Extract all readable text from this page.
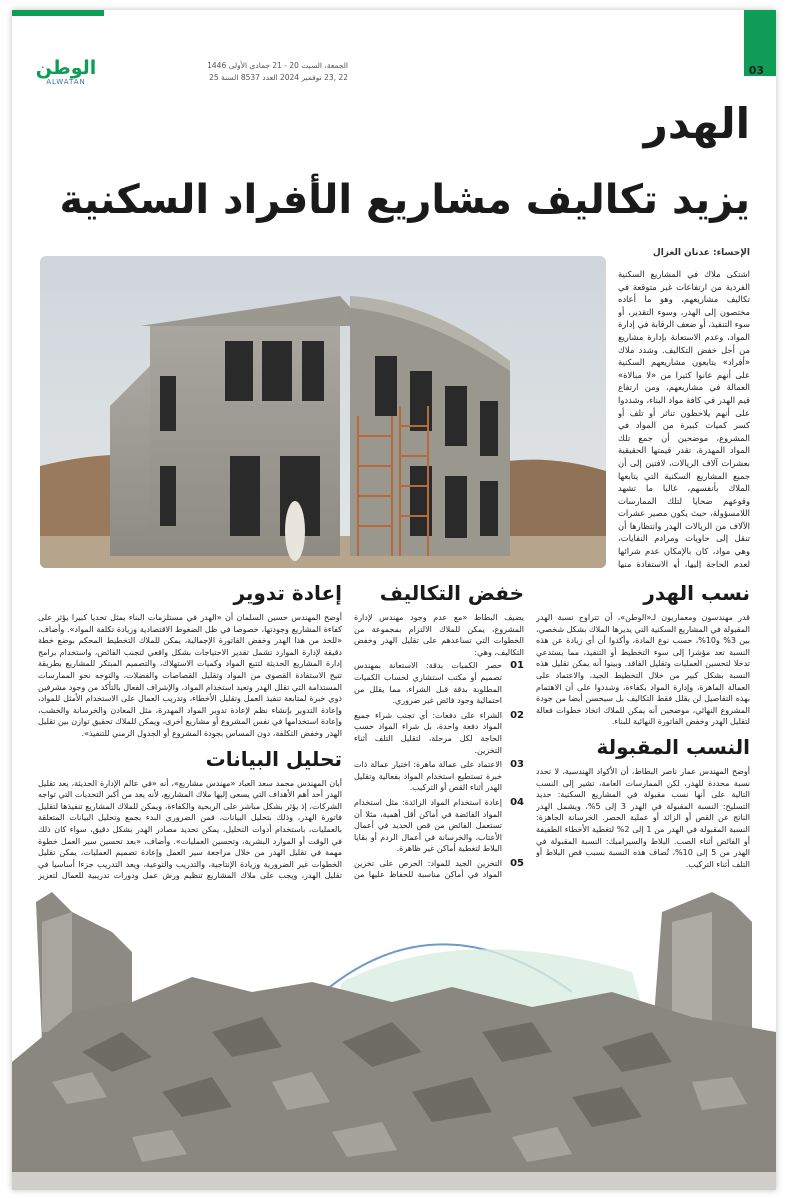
الوطن
ALWATAN
الجمعة، السبت 20 - 21 جمادى الأولى 1446
22 ,23 نوفمبر 2024 العدد 8537 السنة 25
03
الهدر
يزيد تكاليف مشاريع الأفراد السكنية
الإحساء: عدنان الغزال
اشتكى ملاك في المشاريع السكنية الفردية من ارتفاعات غير متوقعة في تكاليف مشاريعهم، وهو ما أعاده مختصون إلى الهدر، وسوء التقدير، أو سوء التنفيذ، أو ضعف الرقابة في إدارة المواد، وعدم الاستعانة بإدارة مشاريع من أجل خفض التكاليف. وشدد ملاك «أفراد» يتابعون مشاريعهم السكنية على أنهم عانوا كثيرا من «لا مبالاة» العمالة في مشاريعهم، ومن ارتفاع قيم الهدر في كافة مواد البناء، وشددوا على أنهم يلاحظون تناثر أو تلف أو كسر كميات كبيرة من المواد في المشروع، موضحين أن جمع تلك المواد المهدرة، تقدر قيمتها الحقيقية بعشرات آلاف الريالات، لافتين إلى أن جميع المشاريع السكنية التي يتابعها الملاك بأنفسهم، غالبا ما تشهد وقوعهم ضحايا لتلك الممارسات اللامسؤولة، حيث يكون مصير عشرات الآلاف من الريالات الهدر وانتظارها أن تنقل إلى حاويات ومرادم النفايات، وهي مواد، كان بالإمكان عدم شرائها لعدم الحاجة إليها، أو الاستفادة منها
نسب الهدر

قدر مهندسون ومعماريون لـ«الوطن»، أن تتراوح نسبة الهدر المقبولة في المشاريع السكنية التي يديرها الملاك بشكل شخصي، بين 3% و10%، حسب نوع المادة، وأكدوا أن أي زيادة عن هذه النسبة تعد مؤشرا إلى سوء التخطيط أو التنفيذ، مما يستدعي تدخلا لتحسين العمليات وتقليل الفاقد. وبينوا أنه يمكن تقليل هذه النسبة بشكل كبير من خلال التخطيط الجيد، والاعتماد على العمالة الماهرة، وإدارة المواد بكفاءة، وشددوا على أن الاهتمام بهذه التفاصيل لن يقلل فقط التكاليف بل سيحسن أيضا من جودة المشروع النهائي، موضحين أنه يمكن للملاك اتخاذ خطوات فعالة لتقليل الهدر وخفض الفاتورة النهائية للبناء.

النسب المقبولة

أوضح المهندس عمار ناصر البطاط، أن الأكواد الهندسية، لا تحدد نسبة محددة للهدر، لكن الممارسات العامة، تشير إلى النسب التالية على أنها نسب مقبولة في المشاريع السكنية: حديد التسليح: النسبة المقبولة في الهدر 3 إلى 5%، ويشمل الهدر الناتج عن القص أو الزائد أو عملية الحصر. الخرسانة الجاهزة: النسبة المقبولة في الهدر من 1 إلى 2% لتغطية الأخطاء الطفيفة أو الفائض أثناء الصب. البلاط والسيراميك: النسبة المقبولة في الهدر من 5 إلى 10%، تُضاف هذه النسبة بسبب قص البلاط أو التلف أثناء التركيب.

خفض التكاليف

يضيف البطاط «مع عدم وجود مهندس لإدارة المشروع، يمكن للملاك الالتزام بمجموعة من الخطوات التي تساعدهم على تقليل الهدر وخفض التكاليف، وهي:

01
حصر الكميات بدقة: الاستعانة بمهندس تصميم أو مكتب استشاري لحساب الكميات المطلوبة بدقة قبل الشراء، مما يقلل من احتمالية وجود فائض غير ضروري.
02
الشراء على دفعات: أي تجنب شراء جميع المواد دفعة واحدة، بل شراء المواد حسب الحاجة لكل مرحلة، لتقليل التلف أثناء التخزين.
03
الاعتماد على عمالة ماهرة: اختيار عمالة ذات خبرة تستطيع استخدام المواد بفعالية وتقليل الهدر أثناء القص أو التركيب.
04
إعادة استخدام المواد الزائدة: مثل استخدام المواد الفائضة في أماكن أقل أهمية، مثلا أن تستعمل الفائض من قص الحديد في أعمال الأعتاب، والخرسانة في أعمال الردم أو بقايا البلاط لتغطية أماكن غير ظاهرة.
05
التخزين الجيد للمواد: الحرص على تخزين المواد في أماكن مناسبة للحفاظ عليها من
إعادة تدوير

أوضح المهندس حسين السلمان أن «الهدر في مستلزمات البناء يمثل تحديا كبيرا يؤثر على كفاءة المشاريع وجودتها، خصوصا في ظل الضغوط الاقتصادية وزيادة تكلفة المواد». وأضاف، «للحد من هذا الهدر وخفض الفاتورة الإجمالية، يمكن للملاك التخطيط المحكم بوضع خطة دقيقة لإدارة الموارد تشمل تقدير الاحتياجات بشكل واقعي لتجنب الفائض، واستخدام برامج إدارة المشاريع الحديثة لتتبع المواد وكميات الاستهلاك، والتصميم المبتكر للمشاريع بطريقة تتيح الاستفادة القصوى من المواد وتقليل القصاصات والفضلات، والتوجه نحو الممارسات المستدامة التي تقلل الهدر وتعيد استخدام المواد، والإشراف الفعال بالتأكد من وجود مشرفين ذوي خبرة لمتابعة تنفيذ العمل وتقليل الأخطاء، وتدريب العمال على الاستخدام الأمثل للمواد، وإعادة التدوير بإنشاء نظم لإعادة تدوير المواد المهدرة، مثل المعادن والخرسانة والخشب، وإعادة استخدامها في نفس المشروع أو مشاريع أخرى، ويمكن للملاك تحقيق توازن بين تقليل الهدر وخفض التكلفة، دون المساس بجودة المشروع أو الجدول الزمني للتنفيذ».

تحليل البيانات

أبان المهندس محمد سعد العباد «مهندس مشاريع»، أنه «في عالم الإدارة الحديثة، يعد تقليل الهدر أحد أهم الأهداف التي يسعى إليها ملاك المشاريع، لأنه يعد من أكبر التحديات التي تواجه الشركات، إذ يؤثر بشكل مباشر على الربحية والكفاءة، ويمكن للملاك المشاريع تنفيذها لتقليل فاتورة الهدر، وذلك بتحليل البيانات، فمن الضروري البدء بجمع وتحليل البيانات المتعلقة بالعمليات، باستخدام أدوات التحليل، يمكن تحديد مصادر الهدر بشكل دقيق، سواء كان ذلك في الوقت أو الموارد البشرية، وتحسين العمليات». وأضاف، «بعد تحسين سير العمل خطوة مهمة في تقليل الهدر من خلال مراجعة سير العمل وإعادة تصميم العمليات، يمكن تقليل الخطوات غير الضرورية وزيادة الإنتاجية، والتدريب والتوعية، ويعد التدريب جزءا أساسيا في تقليل الهدر، ويجب على ملاك المشاريع تنظيم ورش عمل ودورات تدريبية للعمال لتعزيز
